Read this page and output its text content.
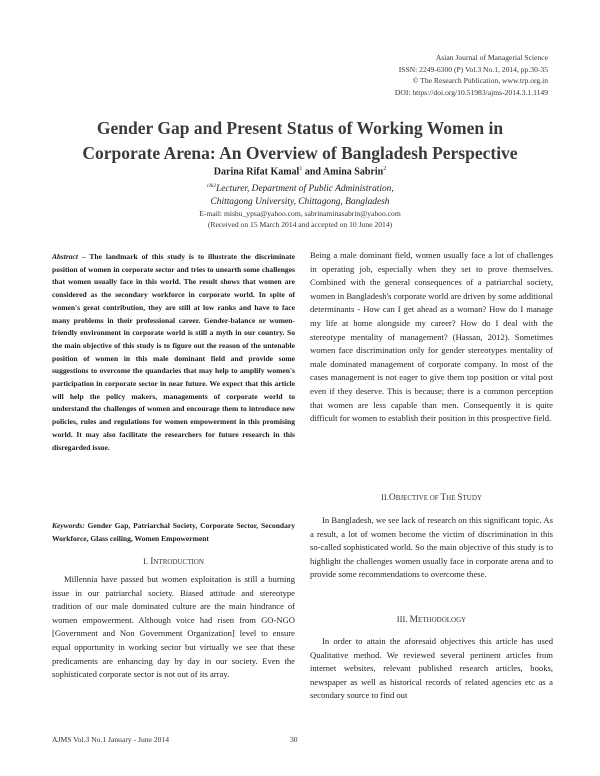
Asian Journal of Managerial Science
ISSN: 2249-6300 (P) Vol.3 No.1, 2014, pp.30-35
© The Research Publication, www.trp.org.in
DOI: https://doi.org/10.51983/ajms-2014.3.1.1149
Gender Gap and Present Status of Working Women in
Corporate Arena: An Overview of Bangladesh Perspective
Darina Rifat Kamal$^1$ and Amina Sabrin$^2$
$^{1\&2}$Lecturer, Department of Public Administration,
Chittagong University, Chittagong, Bangladesh
E-mail: mishu_ypsa@yahoo.com, sabrinaminasabrin@yahoo.com
(Received on 15 March 2014 and accepted on 10 June 2014)
Abstract – The landmark of this study is to illustrate the discriminate position of women in corporate sector and tries to unearth some challenges that women usually face in this world. The result shows that women are considered as the secondary workforce in corporate world. In spite of women's great contribution, they are still at low ranks and have to face many problems in their professional career. Gender-balance or women-friendly environment in corporate world is still a myth in our country. So the main objective of this study is to figure out the reason of the untenable position of women in this male dominant field and provide some suggestions to overcome the quandaries that may help to amplify women's participation in corporate sector in near future. We expect that this article will help the policy makers, managements of corporate world to understand the challenges of women and encourage them to introduce new policies, rules and regulations for women empowerment in this promising world. It may also facilitate the researchers for future research in this disregarded issue.
Keywords: Gender Gap, Patriarchal Society, Corporate Sector, Secondary Workforce, Glass ceiling, Women Empowerment
I. INTRODUCTION

Millennia have passed but women exploitation is still a burning issue in our patriarchal society. Biased attitude and stereotype tradition of our male dominated culture are the main hindrance of women empowerment. Although voice had risen from GO-NGO [Government and Non Government Organization] level to ensure equal opportunity in working sector but virtually we see that these predicaments are enhancing day by day in our society. Even the sophisticated corporate sector is not out of its array.

Being a male dominant field, women usually face a lot of challenges in operating job, especially when they set to prove themselves. Combined with the general consequences of a patriarchal society, women in Bangladesh's corporate world are driven by some additional determinants - How can I get ahead as a woman? How do I manage my life at home alongside my career? How do I deal with the stereotype mentality of management? (Hassan, 2012). Sometimes women face discrimination only for gender stereotypes mentality of male dominated management of corporate company. In most of the cases management is not eager to give them top position or vital post even if they deserve. This is because; there is a common perception that women are less capable than men. Consequently it is quite difficult for women to establish their position in this prospective field.
II.OBJECTIVE OF THE STUDY

In Bangladesh, we see lack of research on this significant topic. As a result, a lot of women become the victim of discrimination in this so-called sophisticated world. So the main objective of this study is to highlight the challenges women usually face in corporate arena and to provide some recommendations to overcome these.

III. METHODOLOGY

In order to attain the aforesaid objectives this article has used Qualitative method. We reviewed several pertinent articles from internet websites, relevant published research articles, books, newspaper as well as historical records of related agencies etc as a secondary source to find out

AJMS Vol.3 No.1 January - June 2014	30
